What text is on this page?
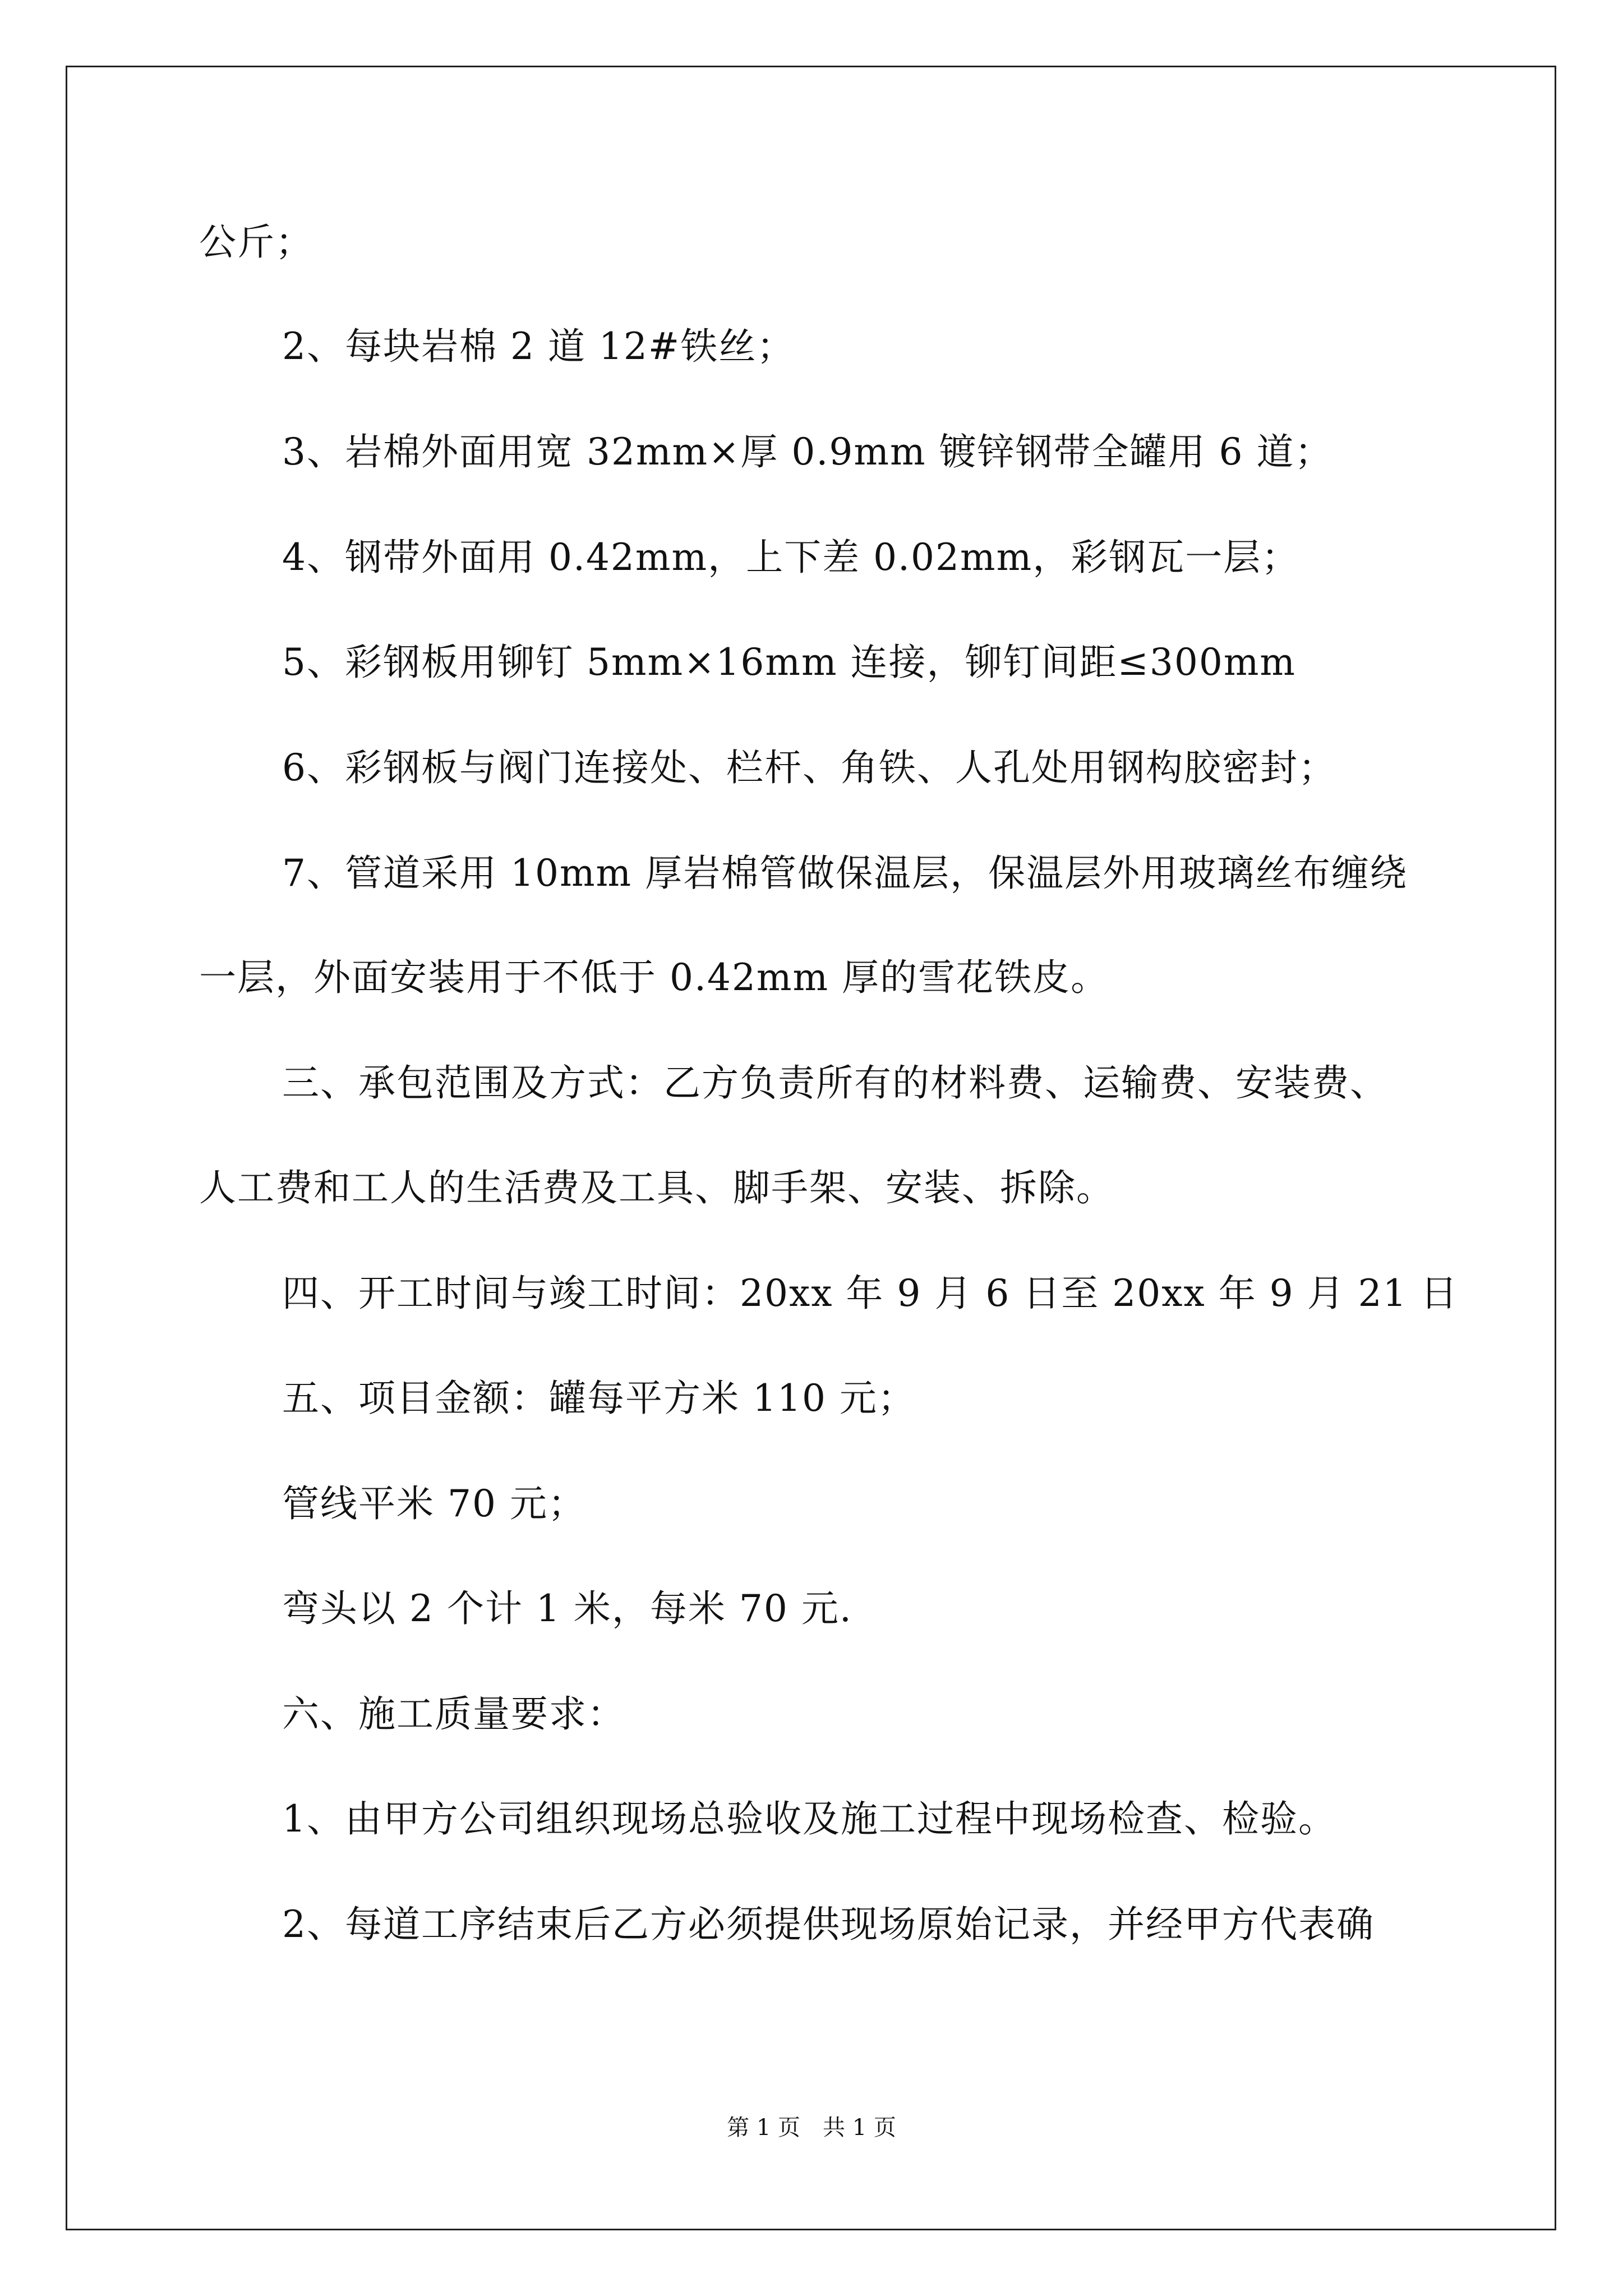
公斤；
2、每块岩棉 2 道 12#铁丝；
3、岩棉外面用宽 32mm×厚 0.9mm 镀锌钢带全罐用 6 道；
4、钢带外面用 0.42mm，上下差 0.02mm，彩钢瓦一层；
5、彩钢板用铆钉 5mm×16mm 连接，铆钉间距≤300mm
6、彩钢板与阀门连接处、栏杆、角铁、人孔处用钢构胶密封；
7、管道采用 10mm 厚岩棉管做保温层，保温层外用玻璃丝布缠绕
一层，外面安装用于不低于 0.42mm 厚的雪花铁皮。
三、承包范围及方式：乙方负责所有的材料费、运输费、安装费、
人工费和工人的生活费及工具、脚手架、安装、拆除。
四、开工时间与竣工时间：20xx 年 9 月 6 日至 20xx 年 9 月 21 日
五、项目金额：罐每平方米 110 元；
管线平米 70 元；
弯头以 2 个计 1 米，每米 70 元.
六、施工质量要求：
1、由甲方公司组织现场总验收及施工过程中现场检查、检验。
2、每道工序结束后乙方必须提供现场原始记录，并经甲方代表确
第 1 页　共 1 页
